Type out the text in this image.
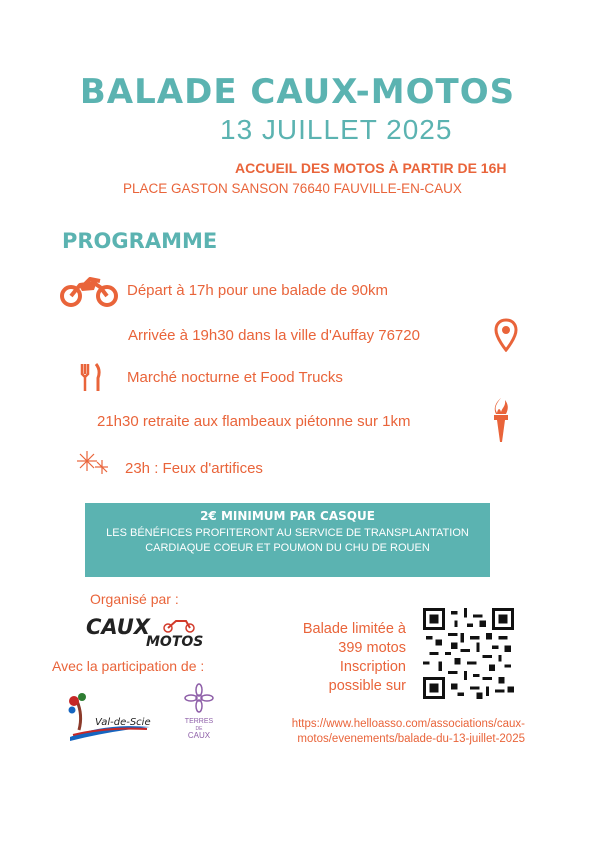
BALADE CAUX-MOTOS
13 JUILLET 2025
ACCUEIL DES MOTOS À PARTIR DE 16H
PLACE GASTON SANSON 76640 FAUVILLE-EN-CAUX
PROGRAMME
Départ à 17h pour une balade de 90km
Arrivée à 19h30 dans la ville d'Auffay 76720
Marché nocturne et Food Trucks
21h30 retraite aux flambeaux piétonne sur 1km
23h : Feux d'artifices
2€ MINIMUM PAR CASQUE
LES BÉNÉFICES PROFITERONT AU SERVICE DE TRANSPLANTATION CARDIAQUE COEUR ET POUMON DU CHU DE ROUEN
Organisé par :
CAUX
MOTOS
Avec la participation de :
Balade limitée à
399 motos
Inscription
possible sur
https://www.helloasso.com/associations/caux-motos/evenements/balade-du-13-juillet-2025
Val-de-Scie	TERRES
DE
CAUX
